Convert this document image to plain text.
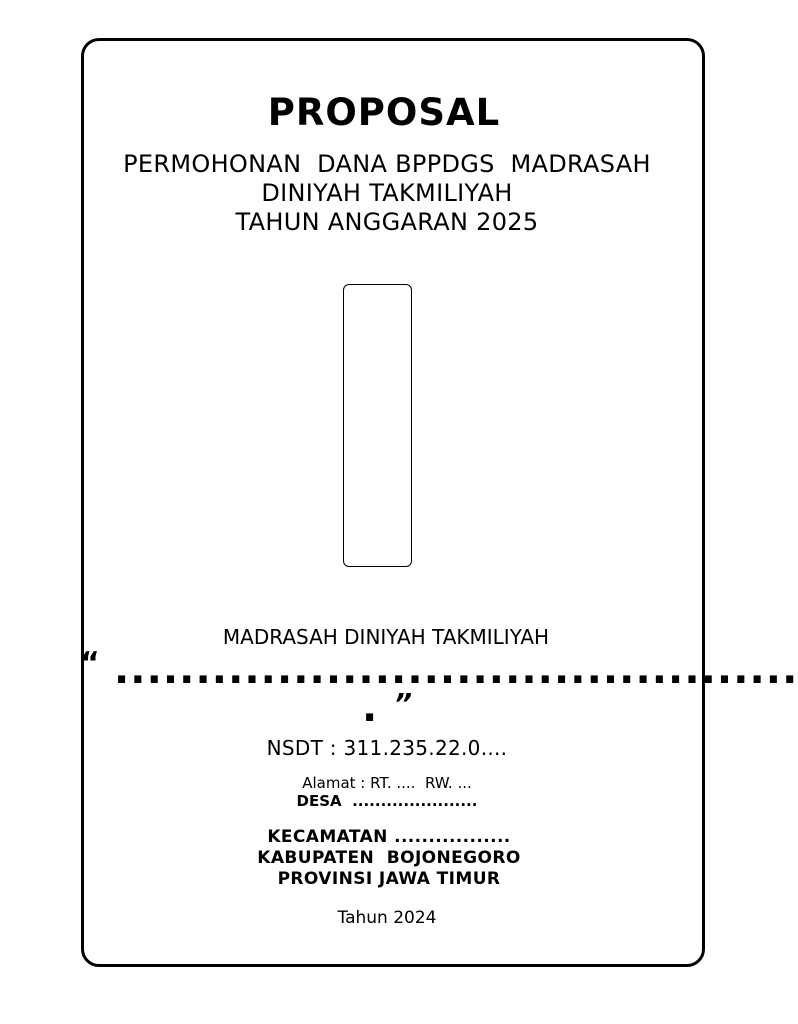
PROPOSAL
PERMOHONAN  DANA BPPDGS  MADRASAH
DINIYAH TAKMILIYAH
TAHUN ANGGARAN 2025
MADRASAH DINIYAH TAKMILIYAH
“ ..........................................
. ”
NSDT : 311.235.22.0....
Alamat : RT. ....  RW. ...
DESA  ......................
KECAMATAN .................
KABUPATEN  BOJONEGORO
PROVINSI JAWA TIMUR
Tahun 2024
